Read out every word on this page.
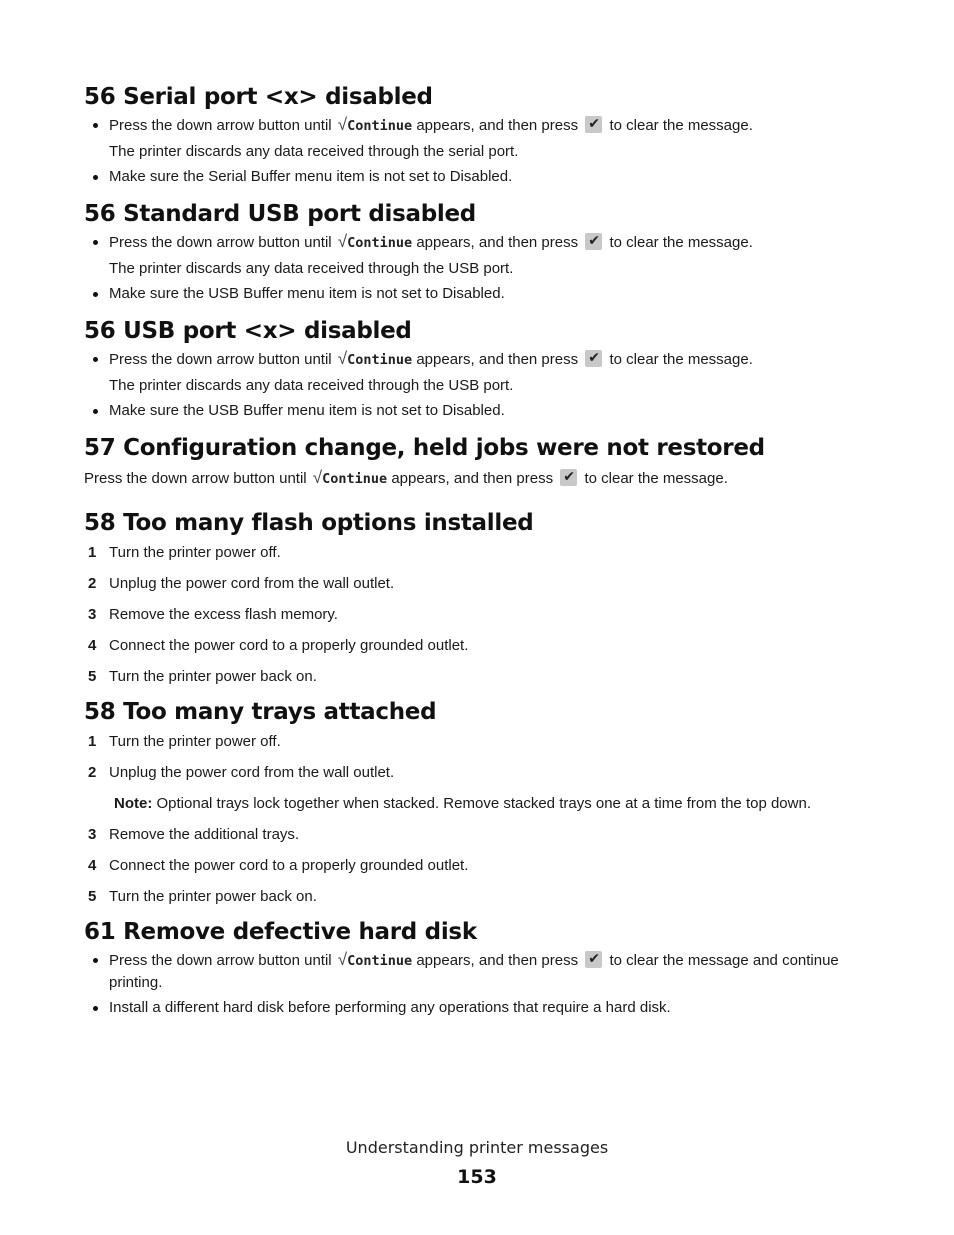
56 Serial port <x> disabled
Press the down arrow button until √Continue appears, and then press ✔ to clear the message.
The printer discards any data received through the serial port.
Make sure the Serial Buffer menu item is not set to Disabled.
56 Standard USB port disabled
Press the down arrow button until √Continue appears, and then press ✔ to clear the message.
The printer discards any data received through the USB port.
Make sure the USB Buffer menu item is not set to Disabled.
56 USB port <x> disabled
Press the down arrow button until √Continue appears, and then press ✔ to clear the message.
The printer discards any data received through the USB port.
Make sure the USB Buffer menu item is not set to Disabled.
57 Configuration change, held jobs were not restored
Press the down arrow button until √Continue appears, and then press ✔ to clear the message.
58 Too many flash options installed
1 Turn the printer power off.
2 Unplug the power cord from the wall outlet.
3 Remove the excess flash memory.
4 Connect the power cord to a properly grounded outlet.
5 Turn the printer power back on.
58 Too many trays attached
1 Turn the printer power off.
2 Unplug the power cord from the wall outlet.
Note: Optional trays lock together when stacked. Remove stacked trays one at a time from the top down.
3 Remove the additional trays.
4 Connect the power cord to a properly grounded outlet.
5 Turn the printer power back on.
61 Remove defective hard disk
Press the down arrow button until √Continue appears, and then press ✔ to clear the message and continue printing.
Install a different hard disk before performing any operations that require a hard disk.
Understanding printer messages
153
